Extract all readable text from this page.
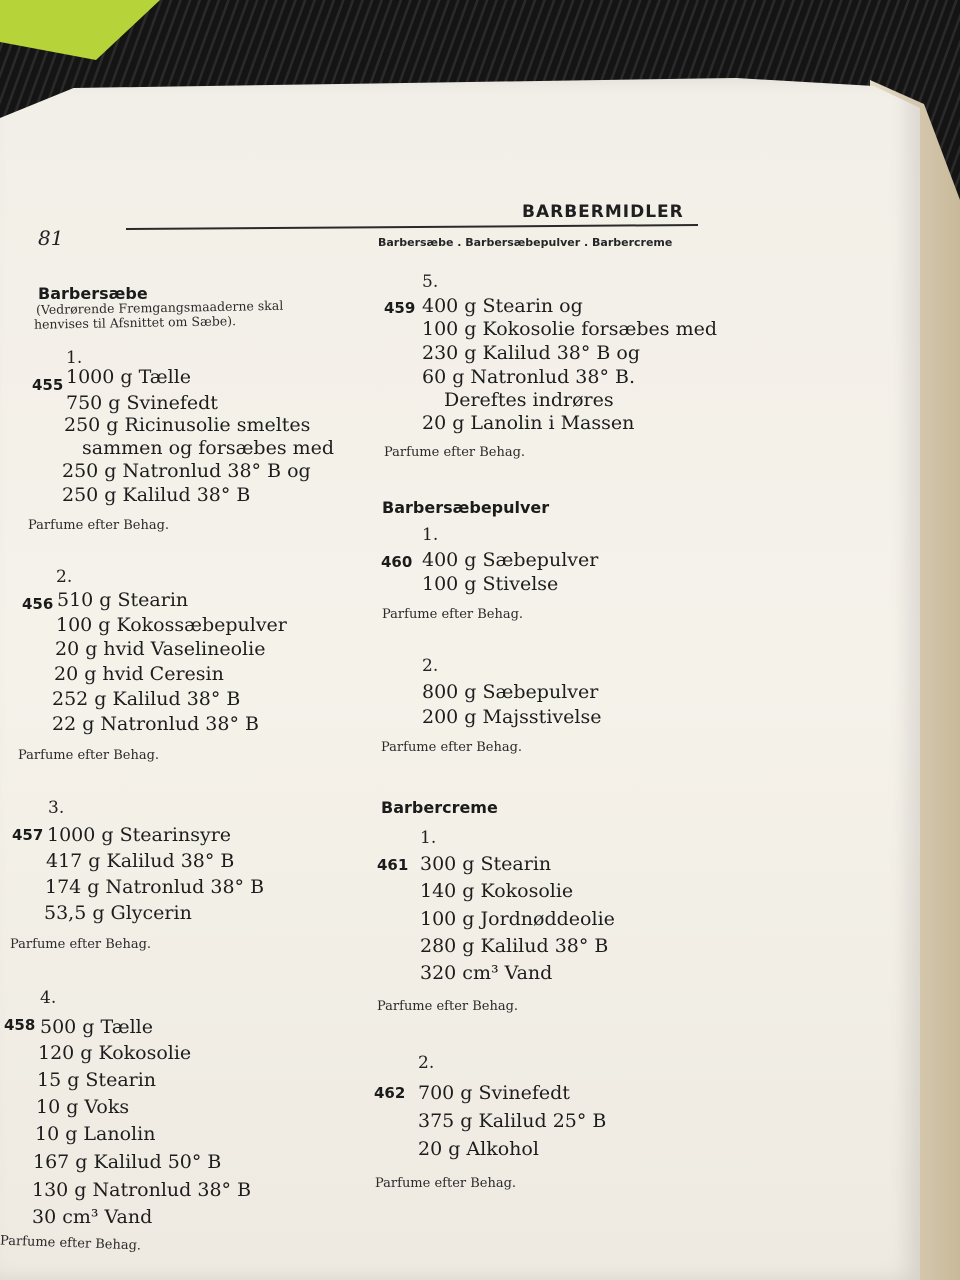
BARBERMIDLER
81	Barbersæbe . Barbersæbepulver . Barbercreme
Barbersæbe
(Vedrørende Fremgangsmaaderne skal
henvises til Afsnittet om Sæbe).
1.
455 1000 g Tælle
750 g Svinefedt
250 g Ricinusolie smeltes
sammen og forsæbes med
250 g Natronlud 38° B og
250 g Kalilud 38° B
Parfume efter Behag.
2.
456 510 g Stearin
100 g Kokossæbepulver
20 g hvid Vaselineolie
20 g hvid Ceresin
252 g Kalilud 38° B
22 g Natronlud 38° B
Parfume efter Behag.
3.
457 1000 g Stearinsyre
417 g Kalilud 38° B
174 g Natronlud 38° B
53,5 g Glycerin
Parfume efter Behag.
4.
458 500 g Tælle
120 g Kokosolie
15 g Stearin
10 g Voks
10 g Lanolin
167 g Kalilud 50° B
130 g Natronlud 38° B
30 cm³ Vand
Parfume efter Behag.
5.
459 400 g Stearin og
100 g Kokosolie forsæbes med
230 g Kalilud 38° B og
60 g Natronlud 38° B.
Dereftes indrøres
20 g Lanolin i Massen
Parfume efter Behag.
Barbersæbepulver
1.
460 400 g Sæbepulver
100 g Stivelse
Parfume efter Behag.
2.
800 g Sæbepulver
200 g Majsstivelse
Parfume efter Behag.
Barbercreme
1.
461 300 g Stearin
140 g Kokosolie
100 g Jordnøddeolie
280 g Kalilud 38° B
320 cm³ Vand
Parfume efter Behag.
2.
462 700 g Svinefedt
375 g Kalilud 25° B
20 g Alkohol
Parfume efter Behag.
